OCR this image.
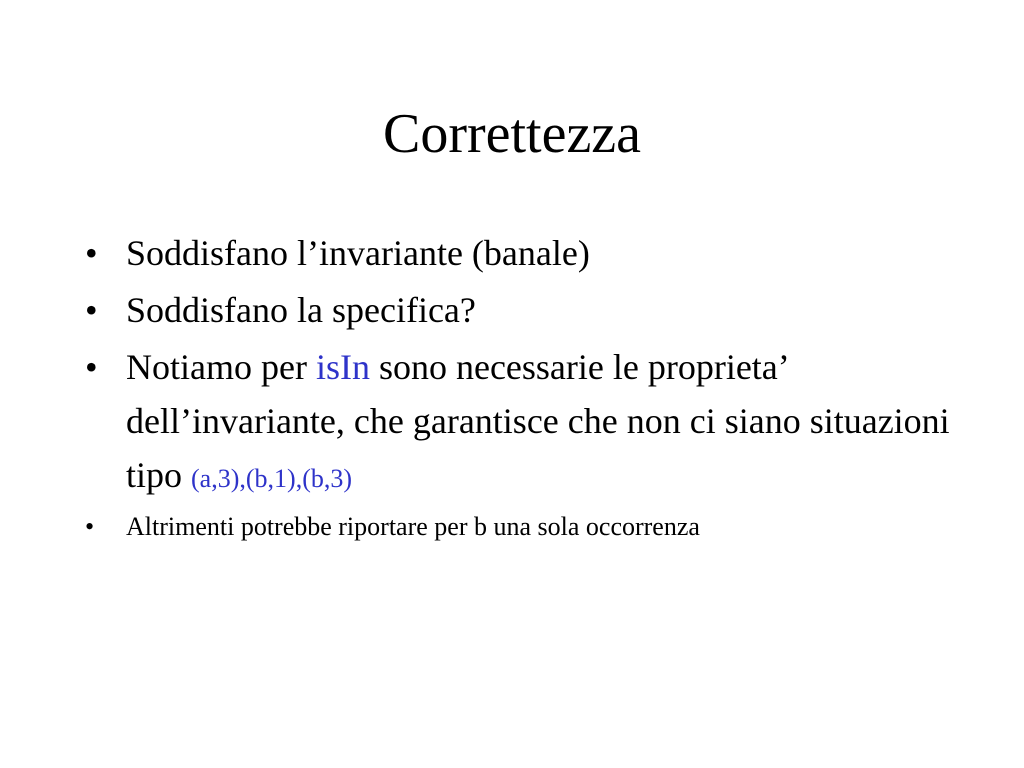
Correttezza
• Soddisfano l’invariante (banale)
• Soddisfano la specifica?
• Notiamo per isIn sono necessarie le proprieta’ dell’invariante, che garantisce che non ci siano situazioni tipo (a,3),(b,1),(b,3)
• Altrimenti potrebbe riportare per b una sola occorrenza
